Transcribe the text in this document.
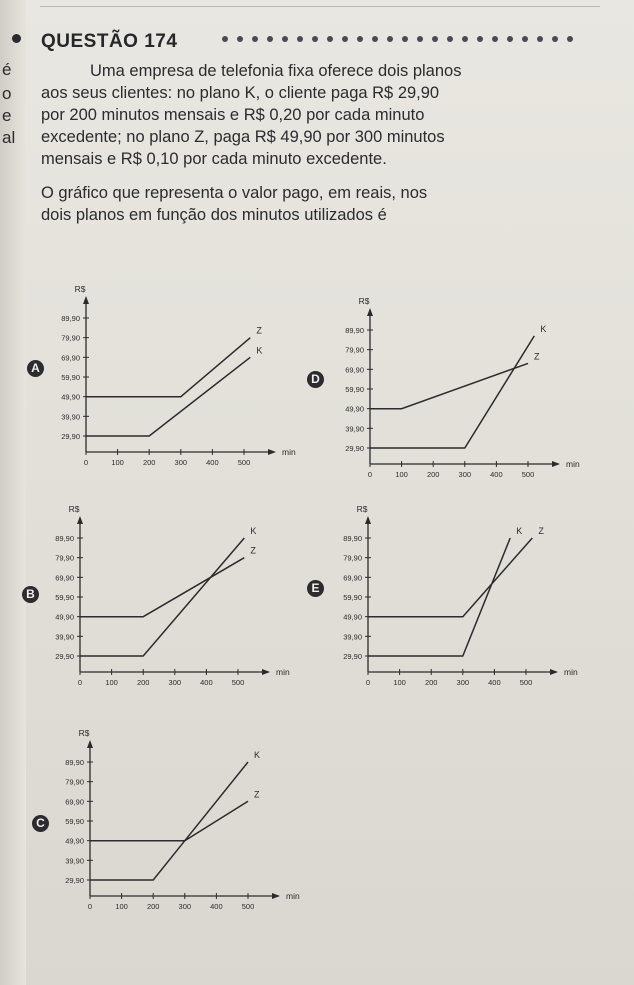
QUESTÃO 174
é
o
e
al
Uma empresa de telefonia fixa oferece dois planos
aos seus clientes: no plano K, o cliente paga R$ 29,90
por 200 minutos mensais e R$ 0,20 por cada minuto
excedente; no plano Z, paga R$ 49,90 por 300 minutos
mensais e R$ 0,10 por cada minuto excedente.
O gráfico que representa o valor pago, em reais, nos
dois planos em função dos minutos utilizados é
R$
min
29,90
39,90
49,90
59,90
69,90
79,90
89,90
0	100	200	300	400	500
Z
K
A
R$
min
29,90
39,90
49,90
59,90
69,90
79,90
89,90
0	100	200	300	400	500
K
Z
D
R$
min
29,90
39,90
49,90
59,90
69,90
79,90
89,90
0	100	200	300	400	500
K
Z
B
R$
min
29,90
39,90
49,90
59,90
69,90
79,90
89,90
0	100	200	300	400	500
K Z
E
R$
min
29,90
39,90
49,90
59,90
69,90
79,90
89,90
0	100	200	300	400	500
K
Z
C
